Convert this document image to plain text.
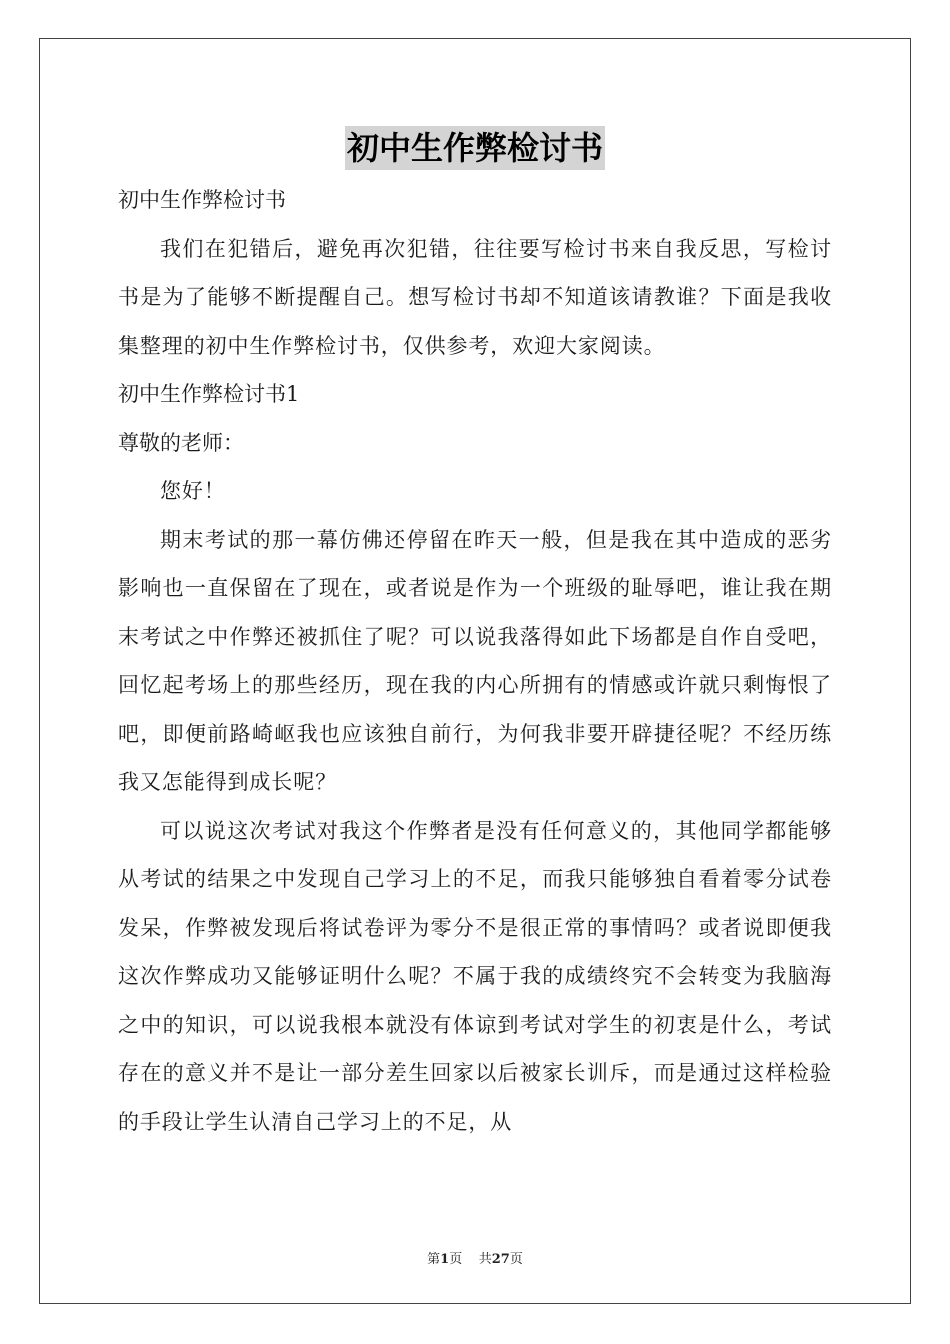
初中生作弊检讨书

初中生作弊检讨书

我们在犯错后，避免再次犯错，往往要写检讨书来自我反思，写检讨书是为了能够不断提醒自己。想写检讨书却不知道该请教谁？下面是我收集整理的初中生作弊检讨书，仅供参考，欢迎大家阅读。

初中生作弊检讨书1

尊敬的老师：

您好！

期末考试的那一幕仿佛还停留在昨天一般，但是我在其中造成的恶劣影响也一直保留在了现在，或者说是作为一个班级的耻辱吧，谁让我在期末考试之中作弊还被抓住了呢？可以说我落得如此下场都是自作自受吧，回忆起考场上的那些经历，现在我的内心所拥有的情感或许就只剩悔恨了吧，即便前路崎岖我也应该独自前行，为何我非要开辟捷径呢？不经历练我又怎能得到成长呢？

可以说这次考试对我这个作弊者是没有任何意义的，其他同学都能够从考试的结果之中发现自己学习上的不足，而我只能够独自看着零分试卷发呆，作弊被发现后将试卷评为零分不是很正常的事情吗？或者说即便我这次作弊成功又能够证明什么呢？不属于我的成绩终究不会转变为我脑海之中的知识，可以说我根本就没有体谅到考试对学生的初衷是什么，考试存在的意义并不是让一部分差生回家以后被家长训斥，而是通过这样检验的手段让学生认清自己学习上的不足，从

第1页 共27页
